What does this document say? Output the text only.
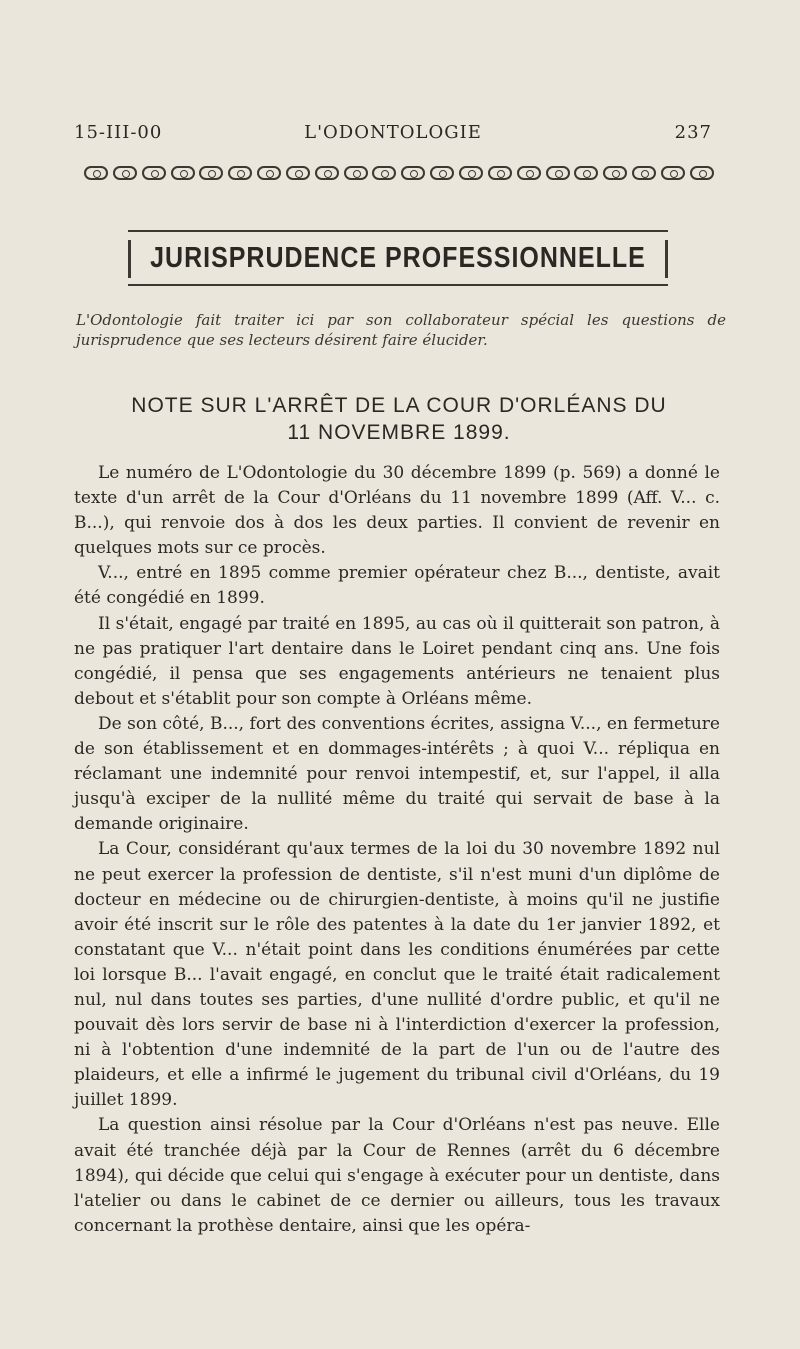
15-III-00	L'ODONTOLOGIE	237
JURISPRUDENCE PROFESSIONNELLE
L'Odontologie fait traiter ici par son collaborateur spécial les questions de jurisprudence que ses lecteurs désirent faire élucider.
NOTE SUR L'ARRÊT DE LA COUR D'ORLÉANS DU
11 NOVEMBRE 1899.

Le numéro de L'Odontologie du 30 décembre 1899 (p. 569) a donné le texte d'un arrêt de la Cour d'Orléans du 11 novembre 1899 (Aff. V... c. B...), qui renvoie dos à dos les deux parties. Il convient de revenir en quelques mots sur ce procès.

V..., entré en 1895 comme premier opérateur chez B..., dentiste, avait été congédié en 1899.

Il s'était, engagé par traité en 1895, au cas où il quitterait son patron, à ne pas pratiquer l'art dentaire dans le Loiret pendant cinq ans. Une fois congédié, il pensa que ses engagements antérieurs ne tenaient plus debout et s'établit pour son compte à Orléans même.

De son côté, B..., fort des conventions écrites, assigna V..., en fermeture de son établissement et en dommages-intérêts ; à quoi V... répliqua en réclamant une indemnité pour renvoi intempestif, et, sur l'appel, il alla jusqu'à exciper de la nullité même du traité qui servait de base à la demande originaire.

La Cour, considérant qu'aux termes de la loi du 30 novembre 1892 nul ne peut exercer la profession de dentiste, s'il n'est muni d'un diplôme de docteur en médecine ou de chirurgien-dentiste, à moins qu'il ne justifie avoir été inscrit sur le rôle des patentes à la date du 1er janvier 1892, et constatant que V... n'était point dans les conditions énumérées par cette loi lorsque B... l'avait engagé, en conclut que le traité était radicalement nul, nul dans toutes ses parties, d'une nullité d'ordre public, et qu'il ne pouvait dès lors servir de base ni à l'interdiction d'exercer la profession, ni à l'obtention d'une indemnité de la part de l'un ou de l'autre des plaideurs, et elle a infirmé le jugement du tribunal civil d'Orléans, du 19 juillet 1899.

La question ainsi résolue par la Cour d'Orléans n'est pas neuve. Elle avait été tranchée déjà par la Cour de Rennes (arrêt du 6 décembre 1894), qui décide que celui qui s'engage à exécuter pour un dentiste, dans l'atelier ou dans le cabinet de ce dernier ou ailleurs, tous les travaux concernant la prothèse dentaire, ainsi que les opéra-
